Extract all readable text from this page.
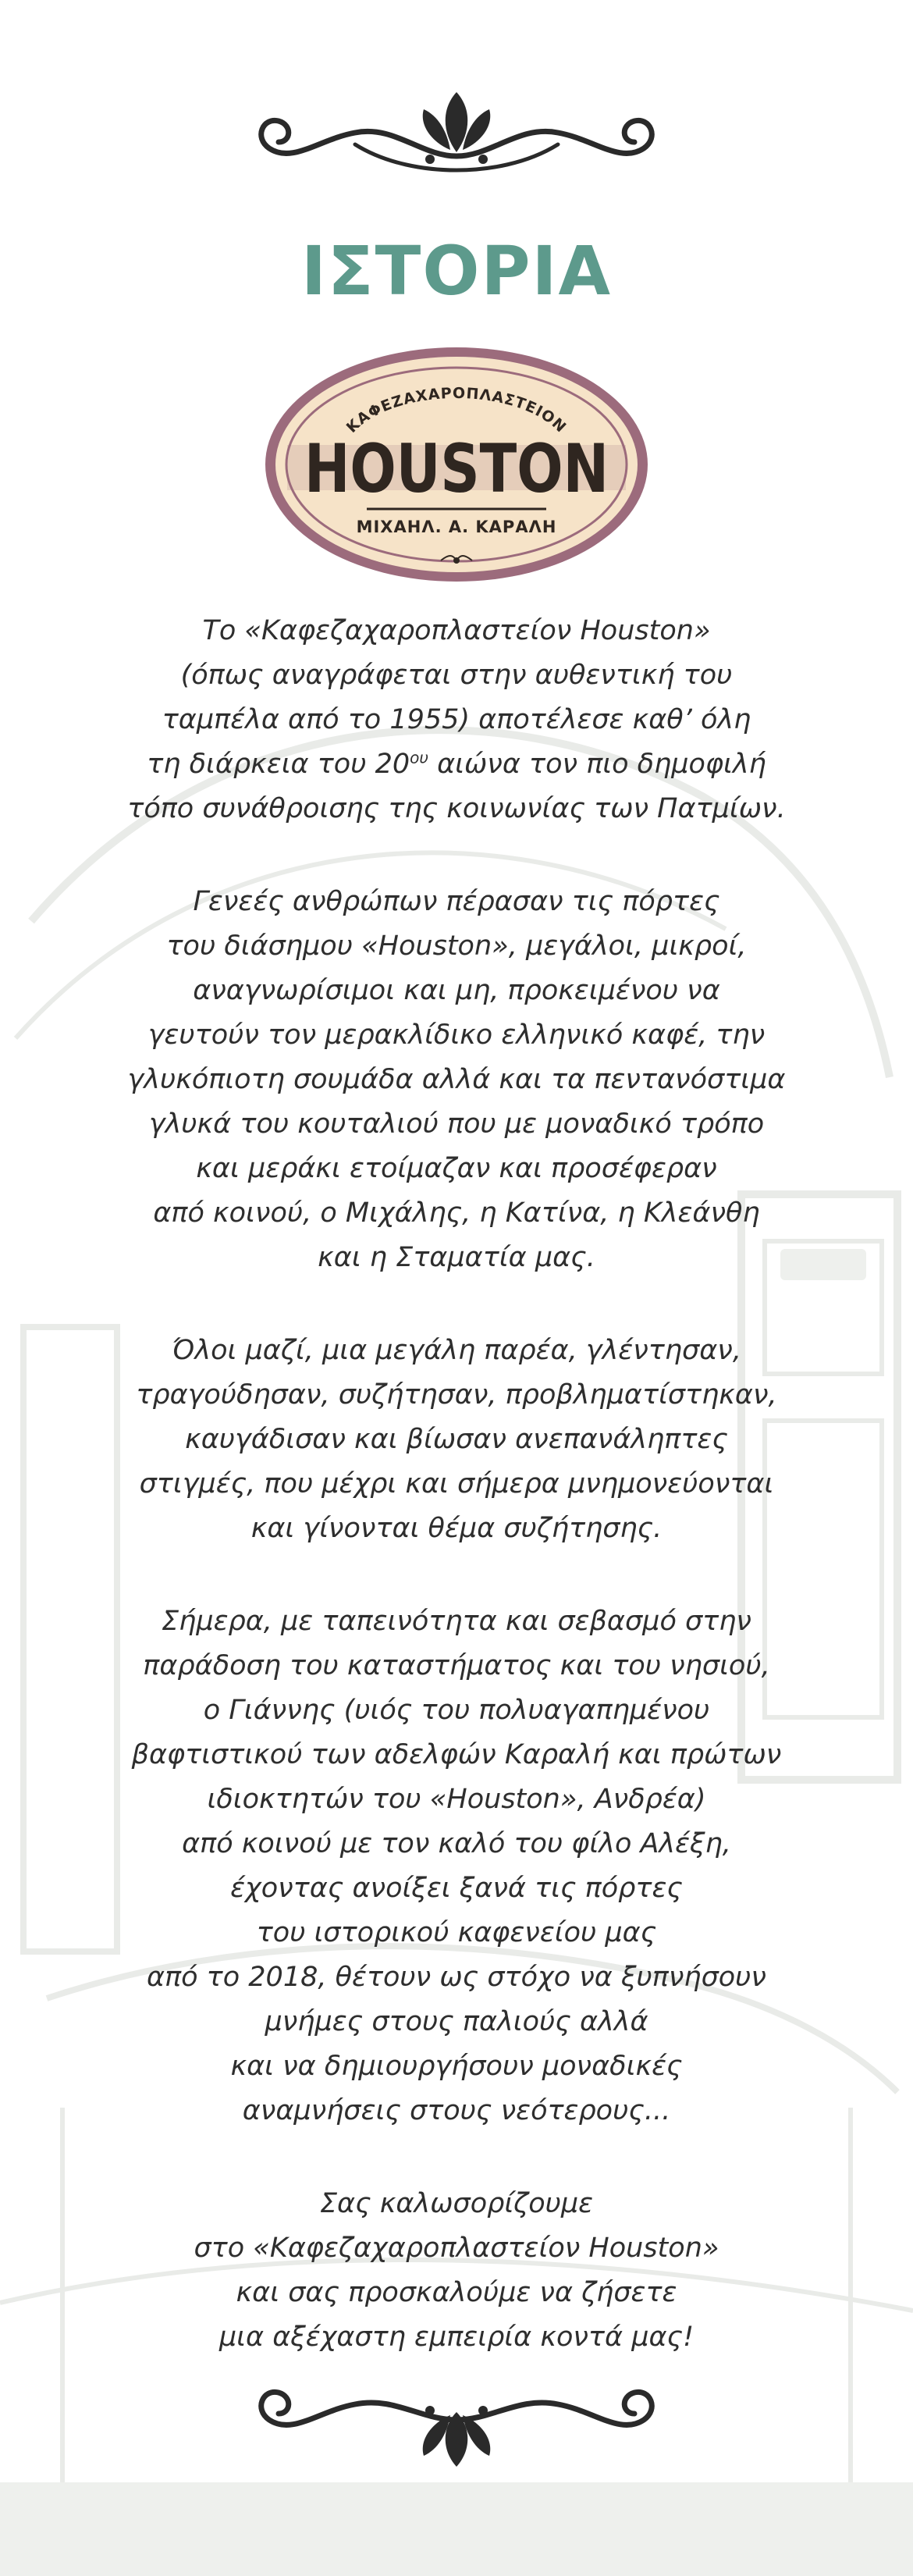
ΙΣΤΟΡΙΑ
ΚΑΦΕΖΑΧΑΡΟΠΛΑΣΤΕΙΟΝ
HOUSTON
ΜΙΧΑΗΛ. Α. ΚΑΡΑΛΗ

Το «Καφεζαχαροπλαστείον Houston»
(όπως αναγράφεται στην αυθεντική του
ταμπέλα από το 1955) αποτέλεσε καθ’ όλη
τη διάρκεια του $20^{o\upsilon}$ αιώνα τον πιο δημοφιλή
τόπο συνάθροισης της κοινωνίας των Πατμίων.

Γενεές ανθρώπων πέρασαν τις πόρτες
του διάσημου «Houston», μεγάλοι, μικροί,
αναγνωρίσιμοι και μη, προκειμένου να
γευτούν τον μερακλίδικο ελληνικό καφέ, την
γλυκόπιοτη σουμάδα αλλά και τα πεντανόστιμα
γλυκά του κουταλιού που με μοναδικό τρόπο
και μεράκι ετοίμαζαν και προσέφεραν
από κοινού, ο Μιχάλης, η Κατίνα, η Κλεάνθη
και η Σταματία μας.

Όλοι μαζί, μια μεγάλη παρέα, γλέντησαν,
τραγούδησαν, συζήτησαν, προβληματίστηκαν,
καυγάδισαν και βίωσαν ανεπανάληπτες
στιγμές, που μέχρι και σήμερα μνημονεύονται
και γίνονται θέμα συζήτησης.

Σήμερα, με ταπεινότητα και σεβασμό στην
παράδοση του καταστήματος και του νησιού,
ο Γιάννης (υιός του πολυαγαπημένου
βαφτιστικού των αδελφών Καραλή και πρώτων
ιδιοκτητών του «Houston», Ανδρέα)
από κοινού με τον καλό του φίλο Αλέξη,
έχοντας ανοίξει ξανά τις πόρτες
του ιστορικού καφενείου μας
από το 2018, θέτουν ως στόχο να ξυπνήσουν
μνήμες στους παλιούς αλλά
και να δημιουργήσουν μοναδικές
αναμνήσεις στους νεότερους...

Σας καλωσορίζουμε
στο «Καφεζαχαροπλαστείον Houston»
και σας προσκαλούμε να ζήσετε
μια αξέχαστη εμπειρία κοντά μας!
